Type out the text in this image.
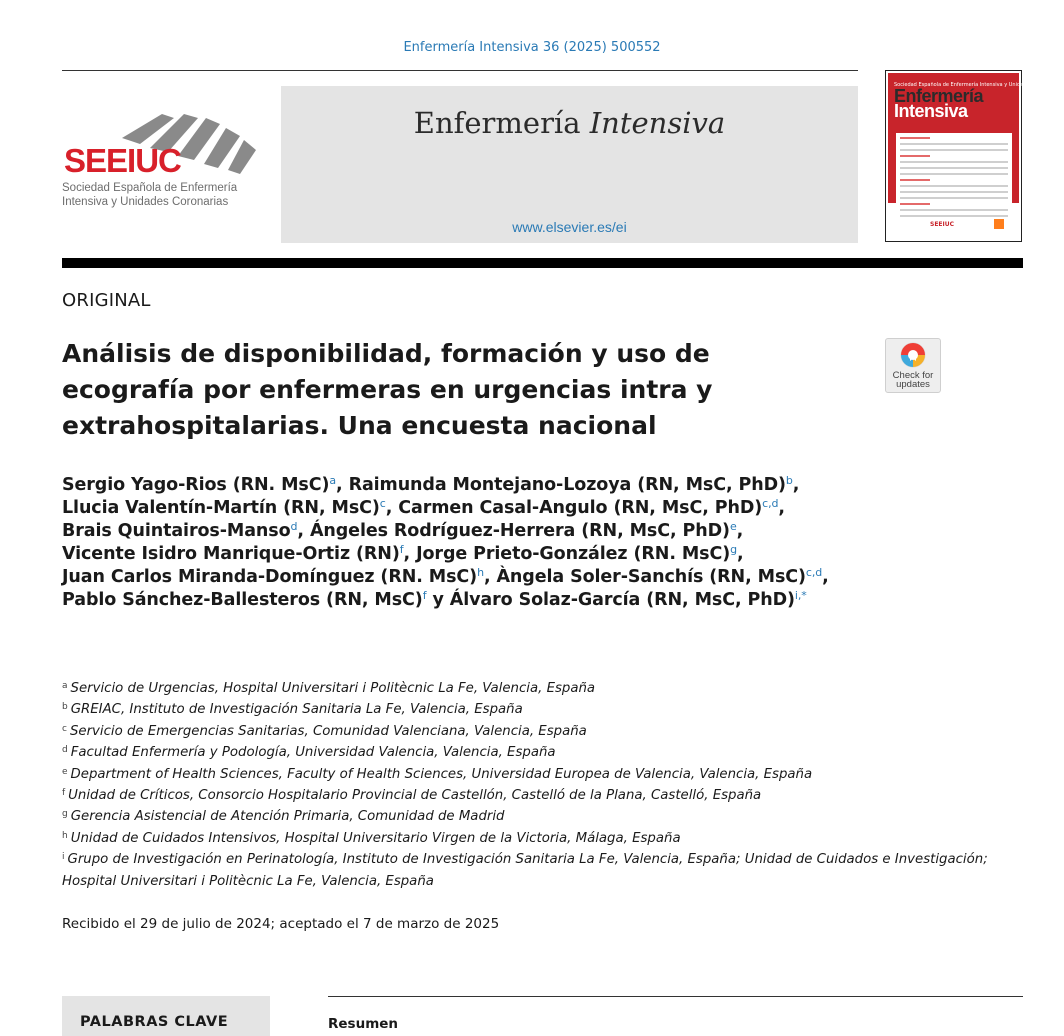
Enfermería Intensiva 36 (2025) 500552
SEEIUC
Sociedad Española de Enfermería
Intensiva y Unidades Coronarias
Enfermería Intensiva
www.elsevier.es/ei
Sociedad Española de Enfermería Intensiva y Unidades Coronarias
Enfermería
Intensiva
SEEIUC
ORIGINAL
Análisis de disponibilidad, formación y uso de ecografía por enfermeras en urgencias intra y extrahospitalarias. Una encuesta nacional
Check for
updates
Sergio Yago-Rios (RN. MsC)$^a$, Raimunda Montejano-Lozoya (RN, MsC, PhD)$^b$,
Llucia Valentín-Martín (RN, MsC)$^c$, Carmen Casal-Angulo (RN, MsC, PhD)$^{c,d}$,
Brais Quintairos-Manso$^d$, Ángeles Rodríguez-Herrera (RN, MsC, PhD)$^e$,
Vicente Isidro Manrique-Ortiz (RN)$^f$, Jorge Prieto-González (RN. MsC)$^g$,
Juan Carlos Miranda-Domínguez (RN. MsC)$^h$, Àngela Soler-Sanchís (RN, MsC)$^{c,d}$,
Pablo Sánchez-Ballesteros (RN, MsC)$^f$ y Álvaro Solaz-García (RN, MsC, PhD)$^{i,*}$
$^a$ Servicio de Urgencias, Hospital Universitari i Politècnic La Fe, Valencia, España
$^b$ GREIAC, Instituto de Investigación Sanitaria La Fe, Valencia, España
$^c$ Servicio de Emergencias Sanitarias, Comunidad Valenciana, Valencia, España
$^d$ Facultad Enfermería y Podología, Universidad Valencia, Valencia, España
$^e$ Department of Health Sciences, Faculty of Health Sciences, Universidad Europea de Valencia, Valencia, España
$^f$ Unidad de Críticos, Consorcio Hospitalario Provincial de Castellón, Castelló de la Plana, Castelló, España
$^g$ Gerencia Asistencial de Atención Primaria, Comunidad de Madrid
$^h$ Unidad de Cuidados Intensivos, Hospital Universitario Virgen de la Victoria, Málaga, España
$^i$ Grupo de Investigación en Perinatología, Instituto de Investigación Sanitaria La Fe, Valencia, España; Unidad de Cuidados e Investigación; Hospital Universitari i Politècnic La Fe, Valencia, España
Recibido el 29 de julio de 2024; aceptado el 7 de marzo de 2025
PALABRAS CLAVE	Resumen
